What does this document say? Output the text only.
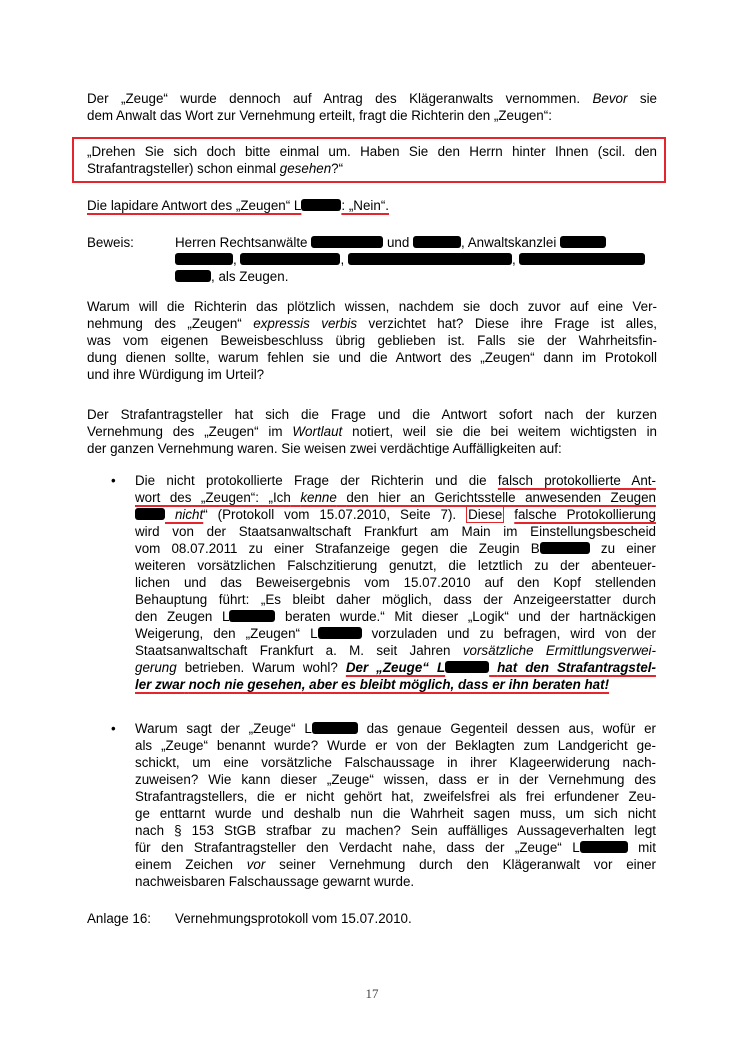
Der „Zeuge“ wurde dennoch auf Antrag des Klägeranwalts vernommen. Bevor sie

dem Anwalt das Wort zur Vernehmung erteilt, fragt die Richterin den „Zeugen“:

„Drehen Sie sich doch bitte einmal um. Haben Sie den Herrn hinter Ihnen (scil. den

Strafantragsteller) schon einmal gesehen?“

Die lapidare Antwort des „Zeugen“ L	: „Nein“.

Beweis:	Herren Rechtsanwälte	und	, Anwaltskanzlei

,	,	,

, als Zeugen.

Warum will die Richterin das plötzlich wissen, nachdem sie doch zuvor auf eine Ver-

nehmung des „Zeugen“ expressis verbis verzichtet hat? Diese ihre Frage ist alles,

was vom eigenen Beweisbeschluss übrig geblieben ist. Falls sie der Wahrheitsfin-

dung dienen sollte, warum fehlen sie und die Antwort des „Zeugen“ dann im Protokoll

und ihre Würdigung im Urteil?

Der Strafantragsteller hat sich die Frage und die Antwort sofort nach der kurzen

Vernehmung des „Zeugen“ im Wortlaut notiert, weil sie die bei weitem wichtigsten in

der ganzen Vernehmung waren. Sie weisen zwei verdächtige Auffälligkeiten auf:

• Die nicht protokollierte Frage der Richterin und die falsch protokollierte Ant-

wort des „Zeugen“: „Ich kenne den hier an Gerichtsstelle anwesenden Zeugen

nicht“ (Protokoll vom 15.07.2010, Seite 7). Diese falsche Protokollierung

wird von der Staatsanwaltschaft Frankfurt am Main im Einstellungsbescheid

vom 08.07.2011 zu einer Strafanzeige gegen die Zeugin B	zu einer

weiteren vorsätzlichen Falschzitierung genutzt, die letztlich zu der abenteuer-

lichen und das Beweisergebnis vom 15.07.2010 auf den Kopf stellenden

Behauptung führt: „Es bleibt daher möglich, dass der Anzeigeerstatter durch

den Zeugen L	beraten wurde.“ Mit dieser „Logik“ und der hartnäckigen

Weigerung, den „Zeugen“ L	vorzuladen und zu befragen, wird von der

Staatsanwaltschaft Frankfurt a. M. seit Jahren vorsätzliche Ermittlungsverwei-

gerung betrieben. Warum wohl? Der „Zeuge“ L	hat den Strafantragstel-

ler zwar noch nie gesehen, aber es bleibt möglich, dass er ihn beraten hat!

• Warum sagt der „Zeuge“ L	das genaue Gegenteil dessen aus, wofür er

als „Zeuge“ benannt wurde? Wurde er von der Beklagten zum Landgericht ge-

schickt, um eine vorsätzliche Falschaussage in ihrer Klageerwiderung nach-

zuweisen? Wie kann dieser „Zeuge“ wissen, dass er in der Vernehmung des

Strafantragstellers, die er nicht gehört hat, zweifelsfrei als frei erfundener Zeu-

ge enttarnt wurde und deshalb nun die Wahrheit sagen muss, um sich nicht

nach § 153 StGB strafbar zu machen? Sein auffälliges Aussageverhalten legt

für den Strafantragsteller den Verdacht nahe, dass der „Zeuge“ L	mit

einem Zeichen vor seiner Vernehmung durch den Klägeranwalt vor einer

nachweisbaren Falschaussage gewarnt wurde.

Anlage 16: Vernehmungsprotokoll vom 15.07.2010.
17
